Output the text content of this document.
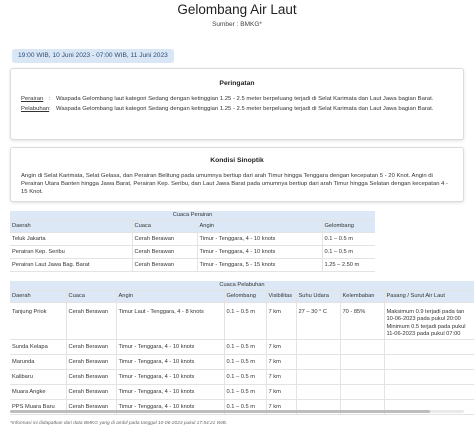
Gelombang Air Laut
Sumber : BMKG*
19:00 WIB, 10 Juni 2023 - 07:00 WIB, 11 Juni 2023
Peringatan
Perairan : Waspada Gelombang laut kategori Sedang dengan ketinggian 1.25 - 2.5 meter berpeluang terjadi di Selat Karimata dan Laut Jawa bagian Barat.
Pelabuhan : Waspada Gelombang laut kategori Sedang dengan ketinggian 1.25 - 2.5 meter berpeluang terjadi di Selat Karimata dan Laut Jawa bagian Barat.
Kondisi Sinoptik
Angin di Selat Karimata, Selat Gelasa, dan Perairan Belitung pada umumnya bertiup dari arah Timur hingga Tenggara dengan kecepatan 5 - 20 Knot. Angin di Perairan Utara Banten hingga Jawa Barat, Perairan Kep. Seribu, dan Laut Jawa Barat pada umumnya bertiup dari arah Timur hingga Selatan dengan kecepatan 4 - 15 Knot.
Cuaca Perairan			
Daerah	Cuaca	Angin	Gelombang
Teluk Jakarta	Cerah Berawan	Timur - Tenggara, 4 - 10 knots	0.1 – 0.5 m
Perairan Kep. Seribu	Cerah Berawan	Timur - Tenggara, 4 - 10 knots	0.1 – 0.5 m
Perairan Laut Jawa Bag. Barat	Cerah Berawan	Timur - Tenggara, 5 - 15 knots	1.25 – 2.50 m
Cuaca Pelabuhan							
Daerah	Cuaca	Angin	Gelombang	Visibilitas	Suhu Udara	Kelembaban	Pasang / Surut Air Laut
Tanjung Priok	Cerah Berawan	Timur Laut - Tenggara, 4 - 8 knots	0.1 – 0.5 m	7 km	27 – 30 ° C	70 - 85%	Maksimum 0.9 terjadi pada tan 10-06-2023 pada pukul 20:00 Minimum 0.5 terjadi pada pukul 11-06-2023 pada pukul 07:00
Sunda Kelapa	Cerah Berawan	Timur - Tenggara, 4 - 10 knots	0.1 – 0.5 m	7 km			
Marunda	Cerah Berawan	Timur - Tenggara, 4 - 10 knots	0.1 – 0.5 m	7 km			
Kalibaru	Cerah Berawan	Timur - Tenggara, 4 - 10 knots	0.1 – 0.5 m	7 km			
Muara Angke	Cerah Berawan	Timur - Tenggara, 4 - 10 knots	0.1 – 0.5 m	7 km			
PPS Muara Baru	Cerah Berawan	Timur - Tenggara, 4 - 10 knots	0.1 – 0.5 m	7 km			
*Informasi ini didapatkan dari data BMKG yang di ambil pada tanggal 10-06-2023 pukul 17:54:21 WIB.
